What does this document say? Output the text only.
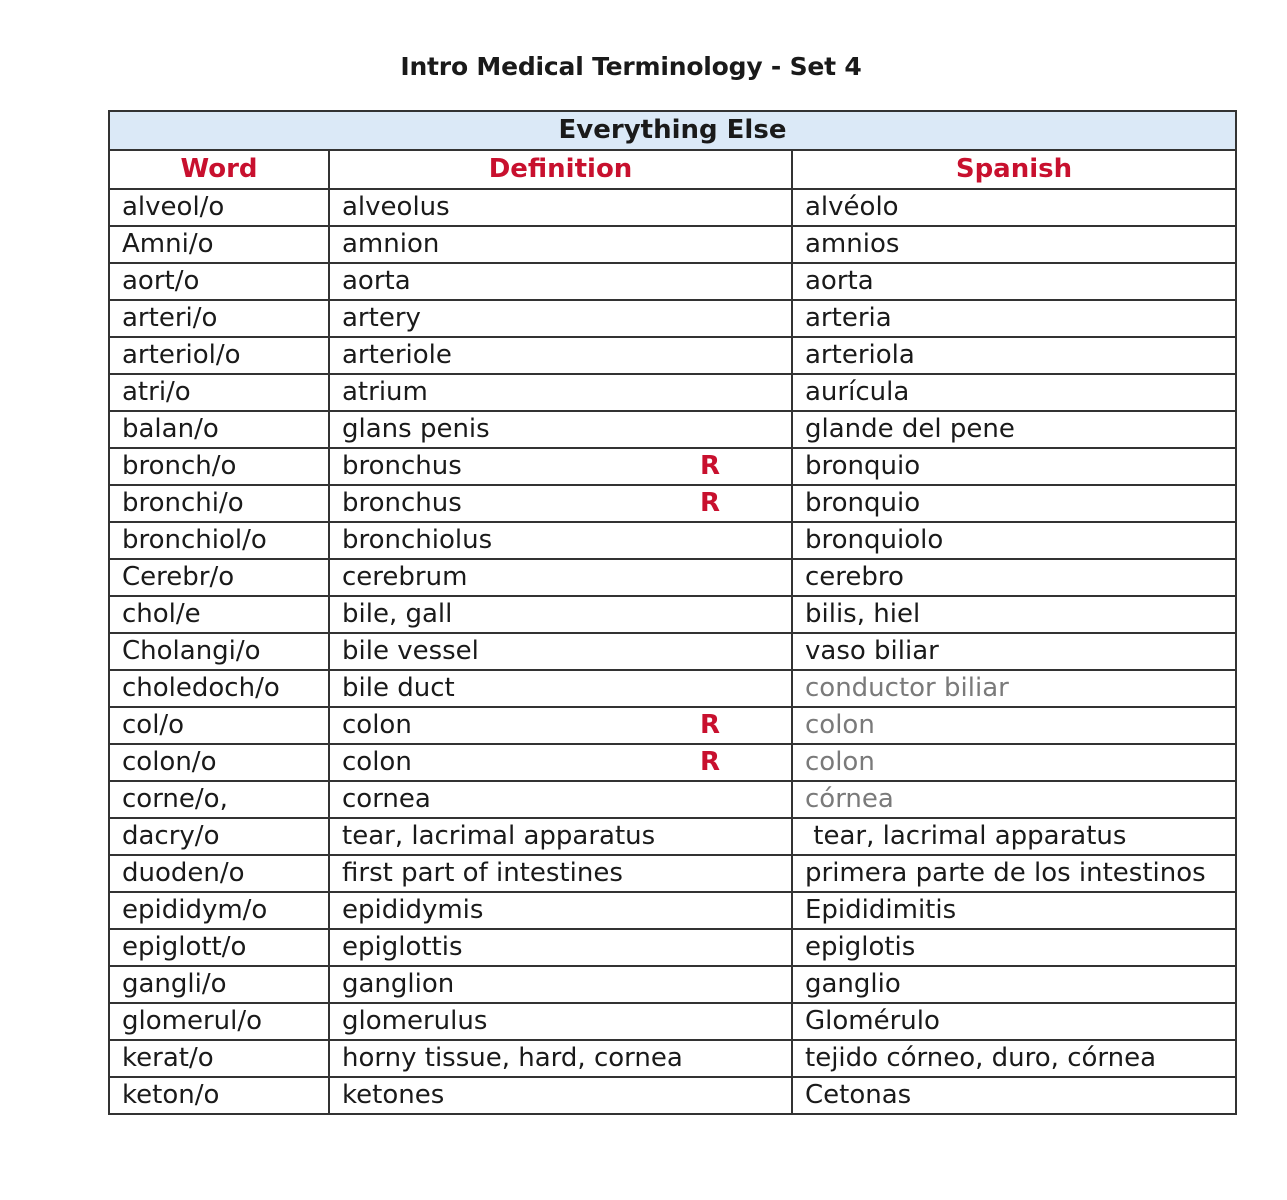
Intro Medical Terminology - Set 4
Everything Else		
Word	Definition	Spanish
alveol/o	alveolus	alvéolo
Amni/o	amnion	amnios
aort/o	aorta	aorta
arteri/o	artery	arteria
arteriol/o	arteriole	arteriola
atri/o	atrium	aurícula
balan/o	glans penis	glande del pene
bronch/o	bronchus R	bronquio
bronchi/o	bronchus R	bronquio
bronchiol/o	bronchiolus	bronquiolo
Cerebr/o	cerebrum	cerebro
chol/e	bile, gall	bilis, hiel
Cholangi/o	bile vessel	vaso biliar
choledoch/o	bile duct	conductor biliar
col/o	colon R	colon
colon/o	colon R	colon
corne/o,	cornea	córnea
dacry/o	tear, lacrimal apparatus	tear, lacrimal apparatus
duoden/o	first part of intestines	primera parte de los intestinos
epididym/o	epididymis	Epididimitis
epiglott/o	epiglottis	epiglotis
gangli/o	ganglion	ganglio
glomerul/o	glomerulus	Glomérulo
kerat/o	horny tissue, hard, cornea	tejido córneo, duro, córnea
keton/o	ketones	Cetonas
